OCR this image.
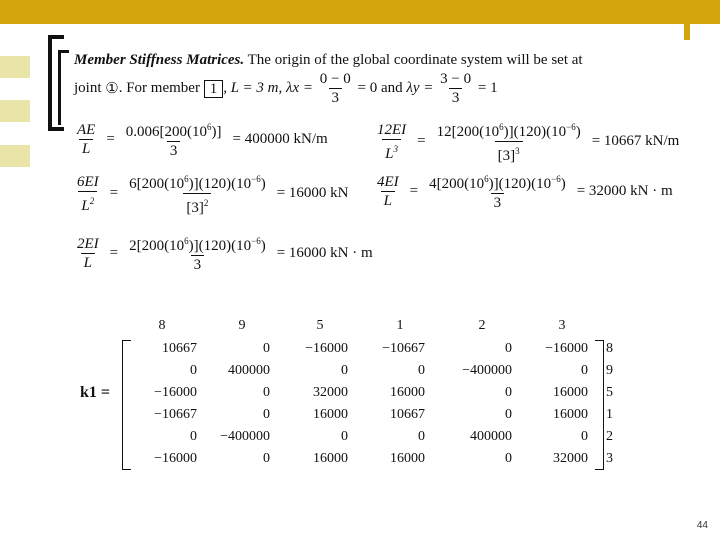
Member Stiffness Matrices. The origin of the global coordinate system will be set at
joint
① . For member
1 , L = 3 m,
λx =
$\frac{0 - 0}{3}$
= 0 and
λy =
$\frac{3 - 0}{3}$
= 1
$\frac{AE}{L} = \frac{0.006[200(10^6)]}{3} = 400000$ kN/m	$\frac{12EI}{L^3} = \frac{12[200(10^6)](120)(10^{-6})}{[3]^3} = 10667$ kN/m
$\frac{6EI}{L^2} = \frac{6[200(10^6)](120)(10^{-6})}{[3]^2} = 16000$ kN $\frac{4EI}{L} = \frac{4[200(10^6)](120)(10^{-6})}{3} = 32000$ kN · m
$\frac{2EI}{L} = \frac{2[200(10^6)](120)(10^{-6})}{3} = 16000$ kN · m
k1 =
8	9	5	1	2	3
10667	0	−16000	−10667	0	−16000 8
0	400000	0	0	−400000	0 9
−16000	0	32000	16000	0	16000 5
−10667	0	16000	10667	0	16000 1
0	−400000	0	0	400000	0 2
−16000	0	16000	16000	0	32000 3
44
